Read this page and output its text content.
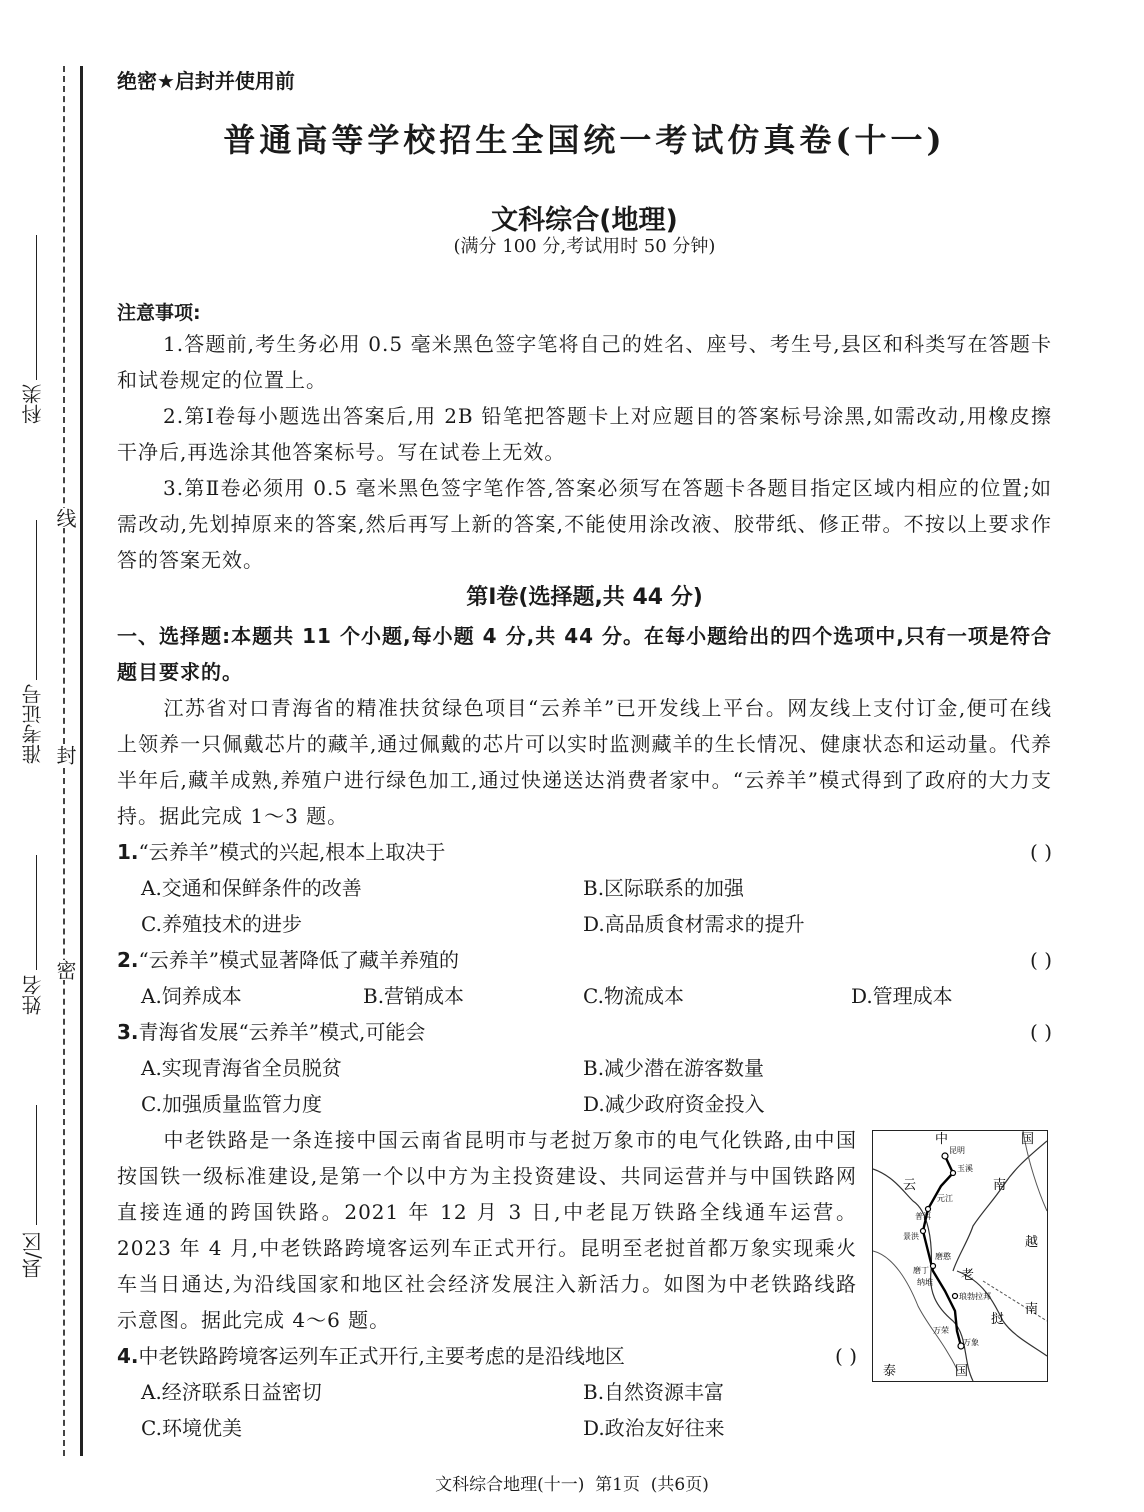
科类
准考证号
姓名
县/区
线
封
密
绝密★启封并使用前
普通高等学校招生全国统一考试仿真卷(十一)
文科综合(地理)
(满分 100 分,考试用时 50 分钟)
注意事项:
1.答题前,考生务必用 0.5 毫米黑色签字笔将自己的姓名、座号、考生号,县区和科类写在答题卡和试卷规定的位置上。
2.第Ⅰ卷每小题选出答案后,用 2B 铅笔把答题卡上对应题目的答案标号涂黑,如需改动,用橡皮擦干净后,再选涂其他答案标号。写在试卷上无效。
3.第Ⅱ卷必须用 0.5 毫米黑色签字笔作答,答案必须写在答题卡各题目指定区域内相应的位置;如需改动,先划掉原来的答案,然后再写上新的答案,不能使用涂改液、胶带纸、修正带。不按以上要求作答的答案无效。
第Ⅰ卷(选择题,共 44 分)
一、选择题:本题共 11 个小题,每小题 4 分,共 44 分。在每小题给出的四个选项中,只有一项是符合题目要求的。
江苏省对口青海省的精准扶贫绿色项目“云养羊”已开发线上平台。网友线上支付订金,便可在线上领养一只佩戴芯片的藏羊,通过佩戴的芯片可以实时监测藏羊的生长情况、健康状态和运动量。代养半年后,藏羊成熟,养殖户进行绿色加工,通过快递送达消费者家中。“云养羊”模式得到了政府的大力支持。据此完成 1～3 题。
1.“云养羊”模式的兴起,根本上取决于	( )
A.交通和保鲜条件的改善	B.区际联系的加强
C.养殖技术的进步	D.高品质食材需求的提升
2.“云养羊”模式显著降低了藏羊养殖的	( )
A.饲养成本	B.营销成本	C.物流成本	D.管理成本
3.青海省发展“云养羊”模式,可能会	( )
A.实现青海省全员脱贫	B.减少潜在游客数量
C.加强质量监管力度	D.减少政府资金投入
中老铁路是一条连接中国云南省昆明市与老挝万象市的电气化铁路,由中国按国铁一级标准建设,是第一个以中方为主投资建设、共同运营并与中国铁路网直接连通的跨国铁路。2021 年 12 月 3 日,中老昆万铁路全线通车运营。2023 年 4 月,中老铁路跨境客运列车正式开行。昆明至老挝首都万象实现乘火车当日通达,为沿线国家和地区社会经济发展注入新活力。如图为中老铁路线路示意图。据此完成 4～6 题。
4.中老铁路跨境客运列车正式开行,主要考虑的是沿线地区	( )
A.经济联系日益密切	B.自然资源丰富
C.环境优美	D.政治友好往来
中	国
云	南
越
老
南
挝
泰	国
昆明
玉溪
元江
普洱
景洪
磨憨
磨丁
纳堆
琅勃拉邦
万荣
万象
文科综合地理(十一)  第1页  (共6页)
